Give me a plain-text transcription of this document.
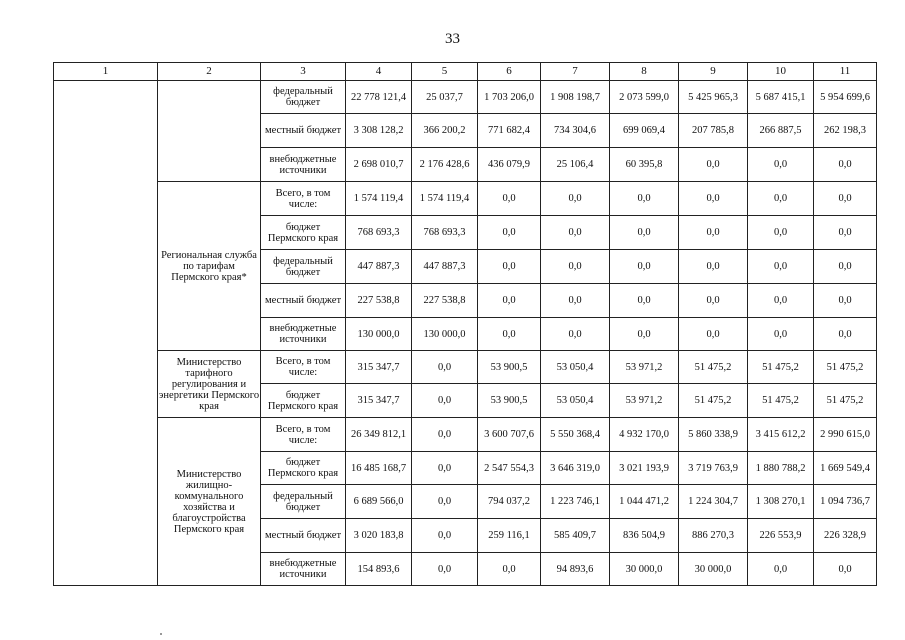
33
1	2	3	4	5	6	7	8	9	10	11
		федеральный бюджет	22 778 121,4	25 037,7	1 703 206,0	1 908 198,7	2 073 599,0	5 425 965,3	5 687 415,1	5 954 699,6
		местный бюджет	3 308 128,2	366 200,2	771 682,4	734 304,6	699 069,4	207 785,8	266 887,5	262 198,3
		внебюджетные источники	2 698 010,7	2 176 428,6	436 079,9	25 106,4	60 395,8	0,0	0,0	0,0
	Региональная служба по тарифам Пермского края*	Всего, в том числе:	1 574 119,4	1 574 119,4	0,0	0,0	0,0	0,0	0,0	0,0
		бюджет Пермского края	768 693,3	768 693,3	0,0	0,0	0,0	0,0	0,0	0,0
		федеральный бюджет	447 887,3	447 887,3	0,0	0,0	0,0	0,0	0,0	0,0
		местный бюджет	227 538,8	227 538,8	0,0	0,0	0,0	0,0	0,0	0,0
		внебюджетные источники	130 000,0	130 000,0	0,0	0,0	0,0	0,0	0,0	0,0
	Министерство тарифного регулирования и энергетики Пермского края	Всего, в том числе:	315 347,7	0,0	53 900,5	53 050,4	53 971,2	51 475,2	51 475,2	51 475,2
		бюджет Пермского края	315 347,7	0,0	53 900,5	53 050,4	53 971,2	51 475,2	51 475,2	51 475,2
	Министерство жилищно-коммунального хозяйства и благоустройства Пермского края	Всего, в том числе:	26 349 812,1	0,0	3 600 707,6	5 550 368,4	4 932 170,0	5 860 338,9	3 415 612,2	2 990 615,0
		бюджет Пермского края	16 485 168,7	0,0	2 547 554,3	3 646 319,0	3 021 193,9	3 719 763,9	1 880 788,2	1 669 549,4
		федеральный бюджет	6 689 566,0	0,0	794 037,2	1 223 746,1	1 044 471,2	1 224 304,7	1 308 270,1	1 094 736,7
		местный бюджет	3 020 183,8	0,0	259 116,1	585 409,7	836 504,9	886 270,3	226 553,9	226 328,9
		внебюджетные источники	154 893,6	0,0	0,0	94 893,6	30 000,0	30 000,0	0,0	0,0
